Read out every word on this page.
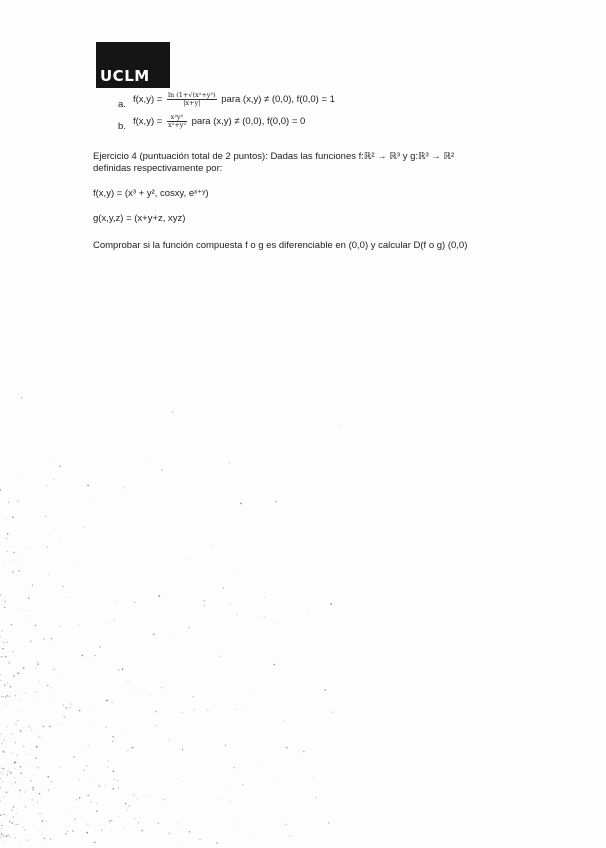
UCLM
a. $f(x,y) = \frac{\text{ln (1+√(x²+y²)}}{|x+y|}$ para (x,y) ≠ (0,0), f(0,0) = 1
b. $f(x,y) = \frac{\text{x²y²}}{\text{x²+y²}}$ para (x,y) ≠ (0,0), f(0,0) = 0
Ejercicio 4 (puntuación total de 2 puntos): Dadas las funciones f:ℝ² → ℝ³ y g:ℝ³ → ℝ²
definidas respectivamente por:
f(x,y) = (x³ + y², cosxy, eˣ⁺ʸ)
g(x,y,z) = (x+y+z, xyz)
Comprobar si la función compuesta f o g es diferenciable en (0,0) y calcular D(f o g) (0,0)
